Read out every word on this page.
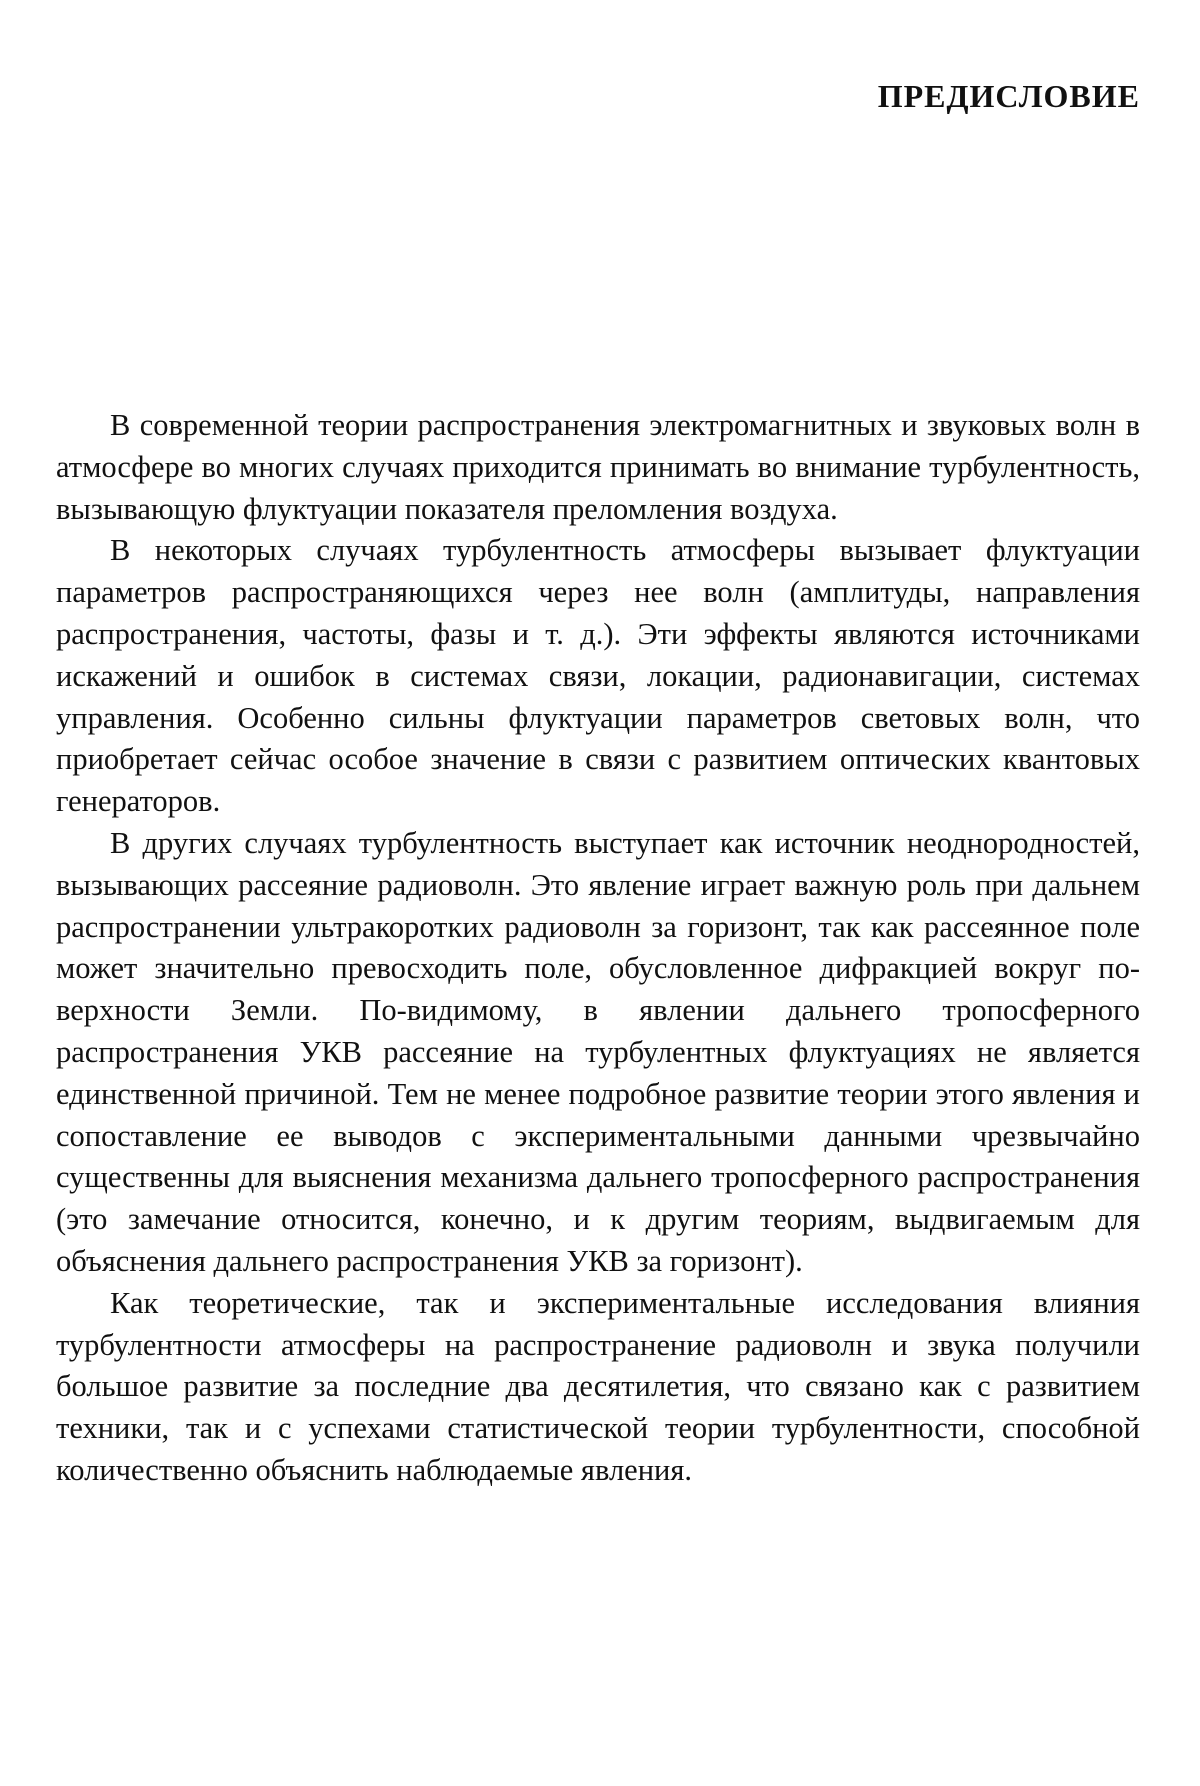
ПРЕДИСЛОВИЕ

В современной теории распространения электромагнитных и звуковых волн в атмосфере во многих случаях приходится принимать во внимание турбулентность, вызывающую флуктуации показателя преломления воздуха.

В некоторых случаях турбулентность атмосферы вызывает флуктуации параметров распространяющихся через нее волн (амплитуды, направления распространения, частоты, фазы и т. д.). Эти эффекты являются источниками искажений и ошибок в системах связи, локации, радионавигации, системах управления. Особенно сильны флуктуации параметров световых волн, что приобретает сейчас особое значение в связи с развитием оптических квантовых генераторов.

В других случаях турбулентность выступает как источник неоднородностей, вызывающих рассеяние радиоволн. Это явление играет важную роль при дальнем распространении ультракоротких радиоволн за горизонт, так как рассеянное поле может значительно превосходить поле, обусловленное дифракцией вокруг поверхности Земли. По-видимому, в явлении дальнего тропосферного распространения УКВ рассеяние на турбулентных флуктуациях не является единственной причиной. Тем не менее подробное развитие теории этого явления и сопоставление ее выводов с экспериментальными данными чрезвычайно существенны для выяснения механизма дальнего тропосферного распространения (это замечание относится, конечно, и к другим теориям, выдвигаемым для объяснения дальнего распространения УКВ за горизонт).

Как теоретические, так и экспериментальные исследования влияния турбулентности атмосферы на распространение радиоволн и звука получили большое развитие за последние два десятилетия, что связано как с развитием техники, так и с успехами статистической теории турбулентности, способной количественно объяснить наблюдаемые явления.
